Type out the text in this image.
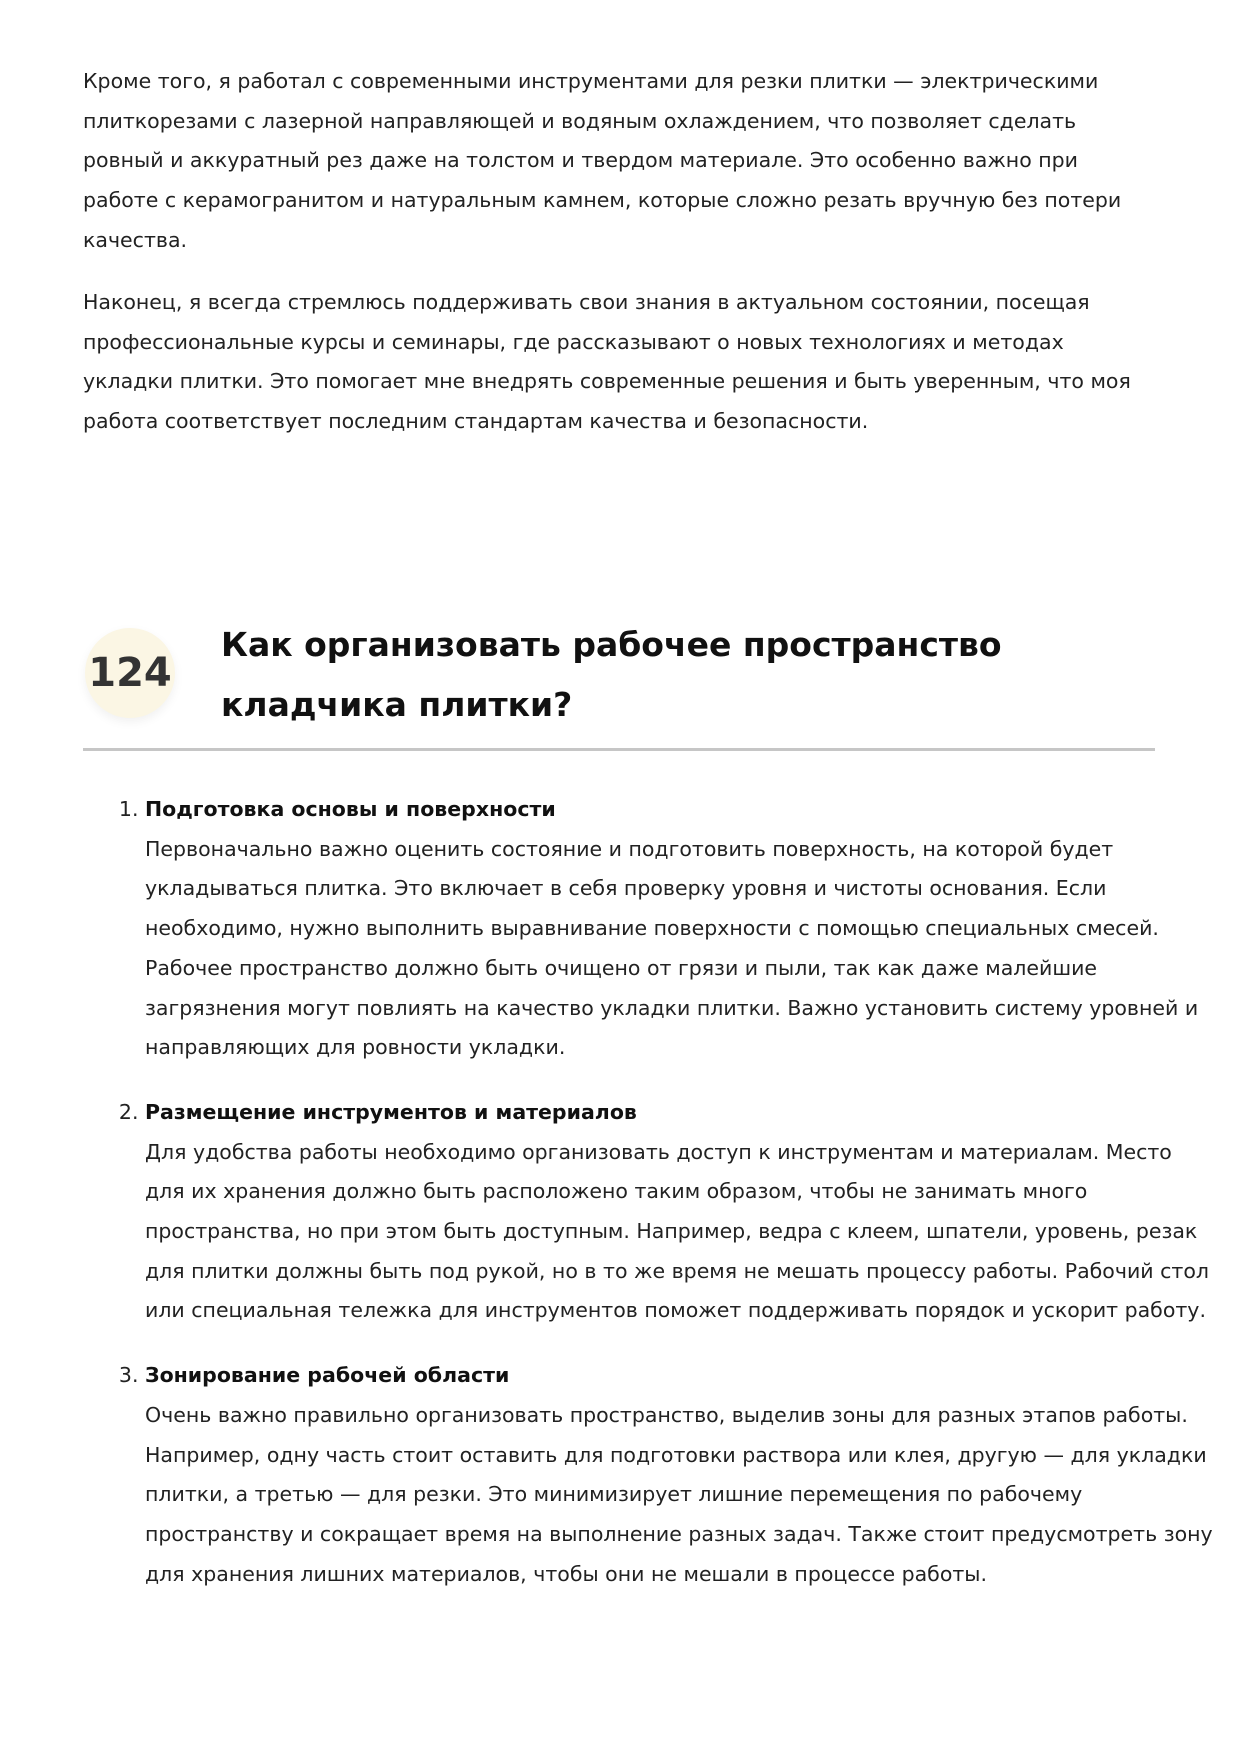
Кроме того, я работал с современными инструментами для резки плитки — электрическими плиткорезами с лазерной направляющей и водяным охлаждением, что позволяет сделать ровный и аккуратный рез даже на толстом и твердом материале. Это особенно важно при работе с керамогранитом и натуральным камнем, которые сложно резать вручную без потери качества.

Наконец, я всегда стремлюсь поддерживать свои знания в актуальном состоянии, посещая профессиональные курсы и семинары, где рассказывают о новых технологиях и методах укладки плитки. Это помогает мне внедрять современные решения и быть уверенным, что моя работа соответствует последним стандартам качества и безопасности.

124
Как организовать рабочее пространство кладчика плитки?
1. Подготовка основы и поверхности
Первоначально важно оценить состояние и подготовить поверхность, на которой будет укладываться плитка. Это включает в себя проверку уровня и чистоты основания. Если необходимо, нужно выполнить выравнивание поверхности с помощью специальных смесей. Рабочее пространство должно быть очищено от грязи и пыли, так как даже малейшие загрязнения могут повлиять на качество укладки плитки. Важно установить систему уровней и направляющих для ровности укладки.
2. Размещение инструментов и материалов
Для удобства работы необходимо организовать доступ к инструментам и материалам. Место для их хранения должно быть расположено таким образом, чтобы не занимать много пространства, но при этом быть доступным. Например, ведра с клеем, шпатели, уровень, резак для плитки должны быть под рукой, но в то же время не мешать процессу работы. Рабочий стол или специальная тележка для инструментов поможет поддерживать порядок и ускорит работу.
3. Зонирование рабочей области
Очень важно правильно организовать пространство, выделив зоны для разных этапов работы. Например, одну часть стоит оставить для подготовки раствора или клея, другую — для укладки плитки, а третью — для резки. Это минимизирует лишние перемещения по рабочему пространству и сокращает время на выполнение разных задач. Также стоит предусмотреть зону для хранения лишних материалов, чтобы они не мешали в процессе работы.
